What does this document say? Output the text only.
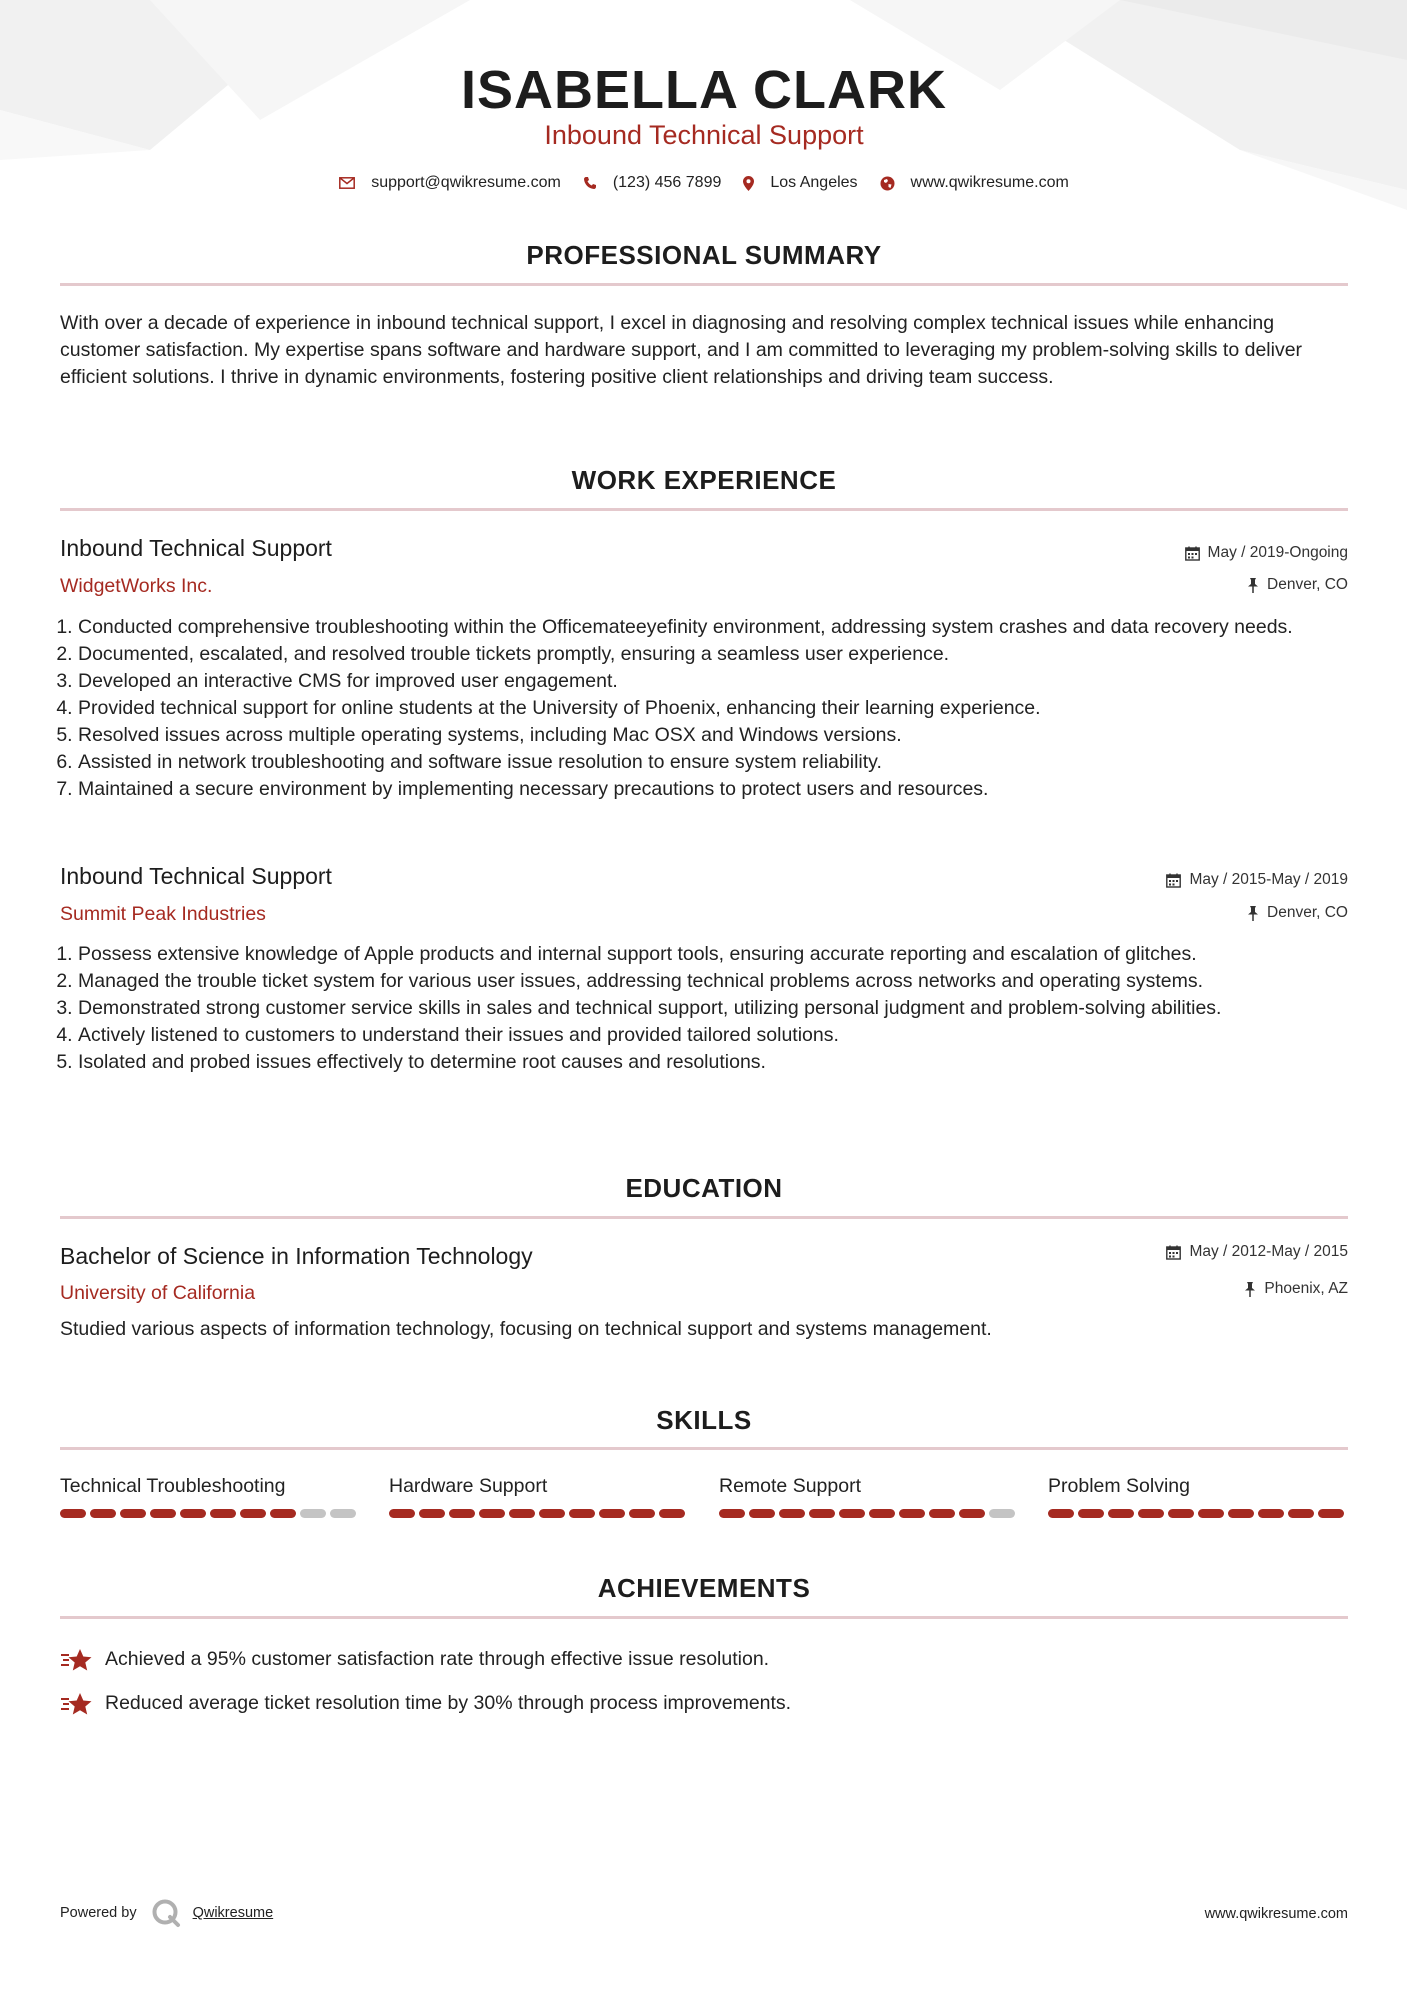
ISABELLA CLARK
Inbound Technical Support
support@qwikresume.com	(123) 456 7899	Los Angeles	www.qwikresume.com
PROFESSIONAL SUMMARY
With over a decade of experience in inbound technical support, I excel in diagnosing and resolving complex technical issues while enhancing customer satisfaction. My expertise spans software and hardware support, and I am committed to leveraging my problem-solving skills to deliver efficient solutions. I thrive in dynamic environments, fostering positive client relationships and driving team success.
WORK EXPERIENCE
Inbound Technical Support
WidgetWorks Inc.
May / 2019-Ongoing
Denver, CO
1. Conducted comprehensive troubleshooting within the Officemateeyefinity environment, addressing system crashes and data recovery needs.
2. Documented, escalated, and resolved trouble tickets promptly, ensuring a seamless user experience.
3. Developed an interactive CMS for improved user engagement.
4. Provided technical support for online students at the University of Phoenix, enhancing their learning experience.
5. Resolved issues across multiple operating systems, including Mac OSX and Windows versions.
6. Assisted in network troubleshooting and software issue resolution to ensure system reliability.
7. Maintained a secure environment by implementing necessary precautions to protect users and resources.
Inbound Technical Support
Summit Peak Industries
May / 2015-May / 2019
Denver, CO
1. Possess extensive knowledge of Apple products and internal support tools, ensuring accurate reporting and escalation of glitches.
2. Managed the trouble ticket system for various user issues, addressing technical problems across networks and operating systems.
3. Demonstrated strong customer service skills in sales and technical support, utilizing personal judgment and problem-solving abilities.
4. Actively listened to customers to understand their issues and provided tailored solutions.
5. Isolated and probed issues effectively to determine root causes and resolutions.
EDUCATION
Bachelor of Science in Information Technology
University of California
May / 2012-May / 2015
Phoenix, AZ
Studied various aspects of information technology, focusing on technical support and systems management.
SKILLS
Technical Troubleshooting	Hardware Support	Remote Support	Problem Solving
ACHIEVEMENTS
Achieved a 95% customer satisfaction rate through effective issue resolution.
Reduced average ticket resolution time by 30% through process improvements.
Powered by	Qwikresume	www.qwikresume.com
